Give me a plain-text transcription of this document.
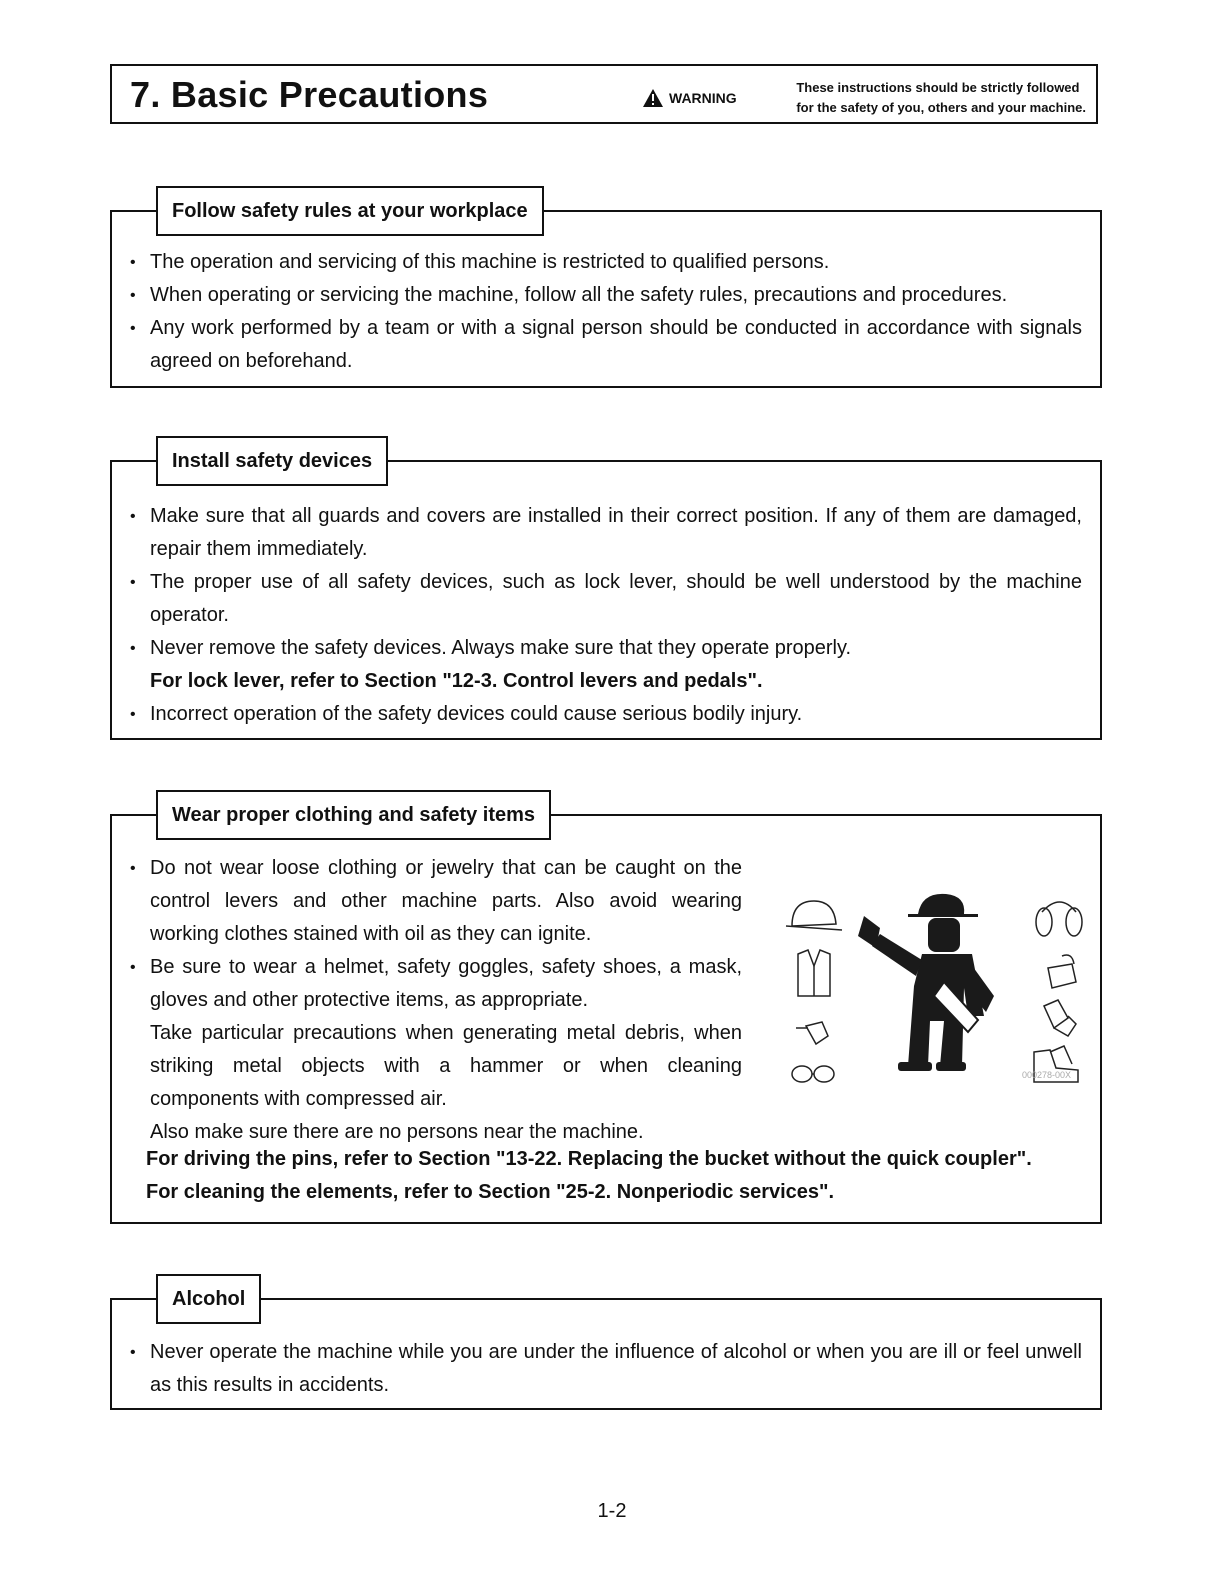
7. Basic Precautions	WARNING
These instructions should be strictly followed
for the safety of you, others and your machine.
Follow safety rules at your workplace
• The operation and servicing of this machine is restricted to qualified persons.
• When operating or servicing the machine, follow all the safety rules, precautions and procedures.
• Any work performed by a team or with a signal person should be conducted in accordance with signals agreed on beforehand.
Install safety devices
• Make sure that all guards and covers are installed in their correct position. If any of them are damaged, repair them immediately.
• The proper use of all safety devices, such as lock lever, should be well understood by the machine operator.
• Never remove the safety devices. Always make sure that they operate properly.
For lock lever, refer to Section "12-3. Control levers and pedals".
• Incorrect operation of the safety devices could cause serious bodily injury.
Wear proper clothing and safety items
• Do not wear loose clothing or jewelry that can be caught on the control levers and other machine parts. Also avoid wearing working clothes stained with oil as they can ignite.
• Be sure to wear a helmet, safety goggles, safety shoes, a mask, gloves and other protective items, as appropriate.
Take particular precautions when generating metal debris, when striking metal objects with a hammer or when cleaning components with compressed air.
Also make sure there are no persons near the machine.
For driving the pins, refer to Section "13-22. Replacing the bucket without the quick coupler".
For cleaning the elements, refer to Section "25-2. Nonperiodic services".
000278-00X
Alcohol
• Never operate the machine while you are under the influence of alcohol or when you are ill or feel unwell as this results in accidents.
1-2
